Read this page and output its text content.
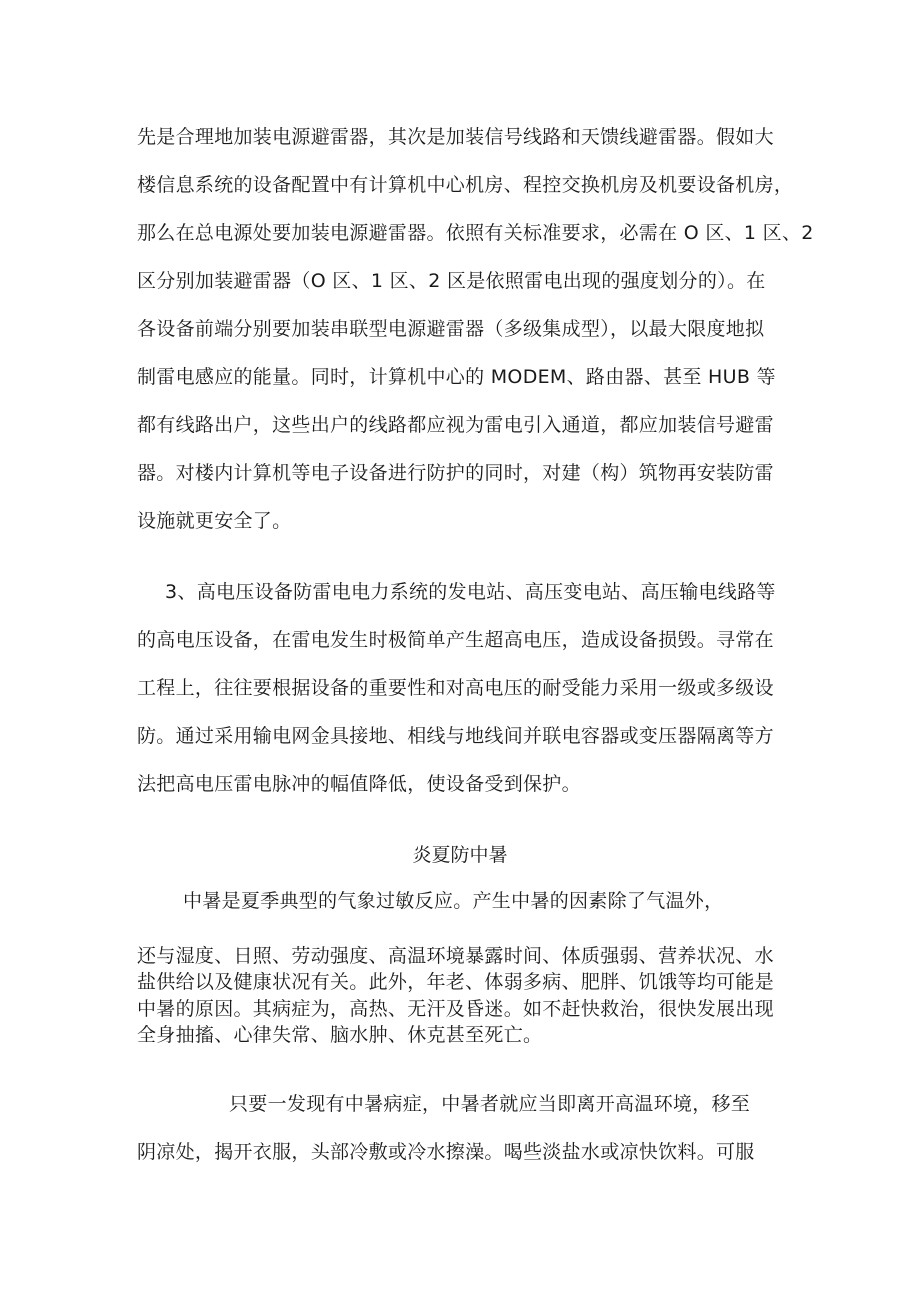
先是合理地加装电源避雷器，其次是加装信号线路和天馈线避雷器。假如大
楼信息系统的设备配置中有计算机中心机房、程控交换机房及机要设备机房，
那么在总电源处要加装电源避雷器。依照有关标准要求，必需在 O 区、1 区、2
区分别加装避雷器（O 区、1 区、2 区是依照雷电出现的强度划分的）。在
各设备前端分别要加装串联型电源避雷器（多级集成型），以最大限度地拟
制雷电感应的能量。同时，计算机中心的 MODEM、路由器、甚至 HUB 等
都有线路出户，这些出户的线路都应视为雷电引入通道，都应加装信号避雷
器。对楼内计算机等电子设备进行防护的同时，对建（构）筑物再安装防雷
设施就更安全了。
3、高电压设备防雷电电力系统的发电站、高压变电站、高压输电线路等
的高电压设备，在雷电发生时极简单产生超高电压，造成设备损毁。寻常在
工程上，往往要根据设备的重要性和对高电压的耐受能力采用一级或多级设
防。通过采用输电网金具接地、相线与地线间并联电容器或变压器隔离等方
法把高电压雷电脉冲的幅值降低，使设备受到保护。
炎夏防中暑
中暑是夏季典型的气象过敏反应。产生中暑的因素除了气温外，
还与湿度、日照、劳动强度、高温环境暴露时间、体质强弱、营养状况、水
盐供给以及健康状况有关。此外，年老、体弱多病、肥胖、饥饿等均可能是
中暑的原因。其病症为，高热、无汗及昏迷。如不赶快救治，很快发展出现
全身抽搐、心律失常、脑水肿、休克甚至死亡。
只要一发现有中暑病症，中暑者就应当即离开高温环境，移至
阴凉处，揭开衣服，头部冷敷或冷水擦澡。喝些淡盐水或凉快饮料。可服
